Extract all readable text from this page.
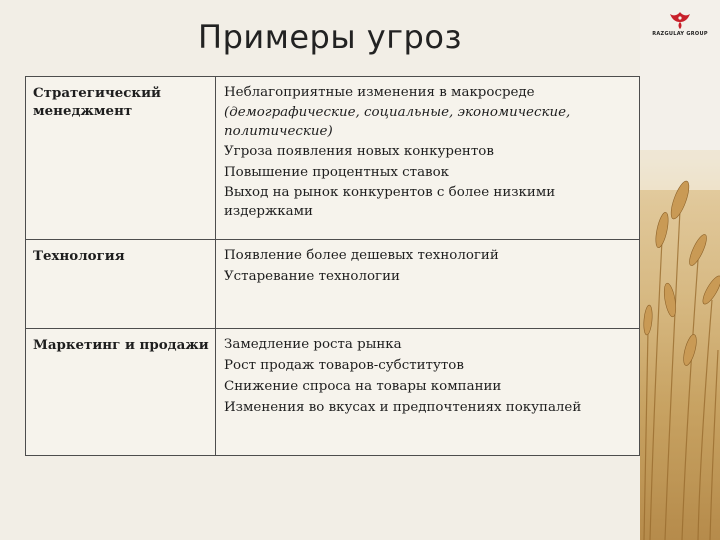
RAZGULAY GROUP
Примеры угроз
Стратегический менеджмент	Неблагоприятные изменения в макросреде
(демографические, социальные, экономические, политические)
Угроза появления новых конкурентов
Повышение процентных ставок
Выход на рынок конкурентов с более низкими издержками

Технология	Появление более дешевых технологий
Устаревание технологии

Маркетинг и продажи	Замедление роста рынка
Рост продаж товаров-субститутов
Снижение спроса на товары компании
Изменения во вкусах и предпочтениях покупалей
